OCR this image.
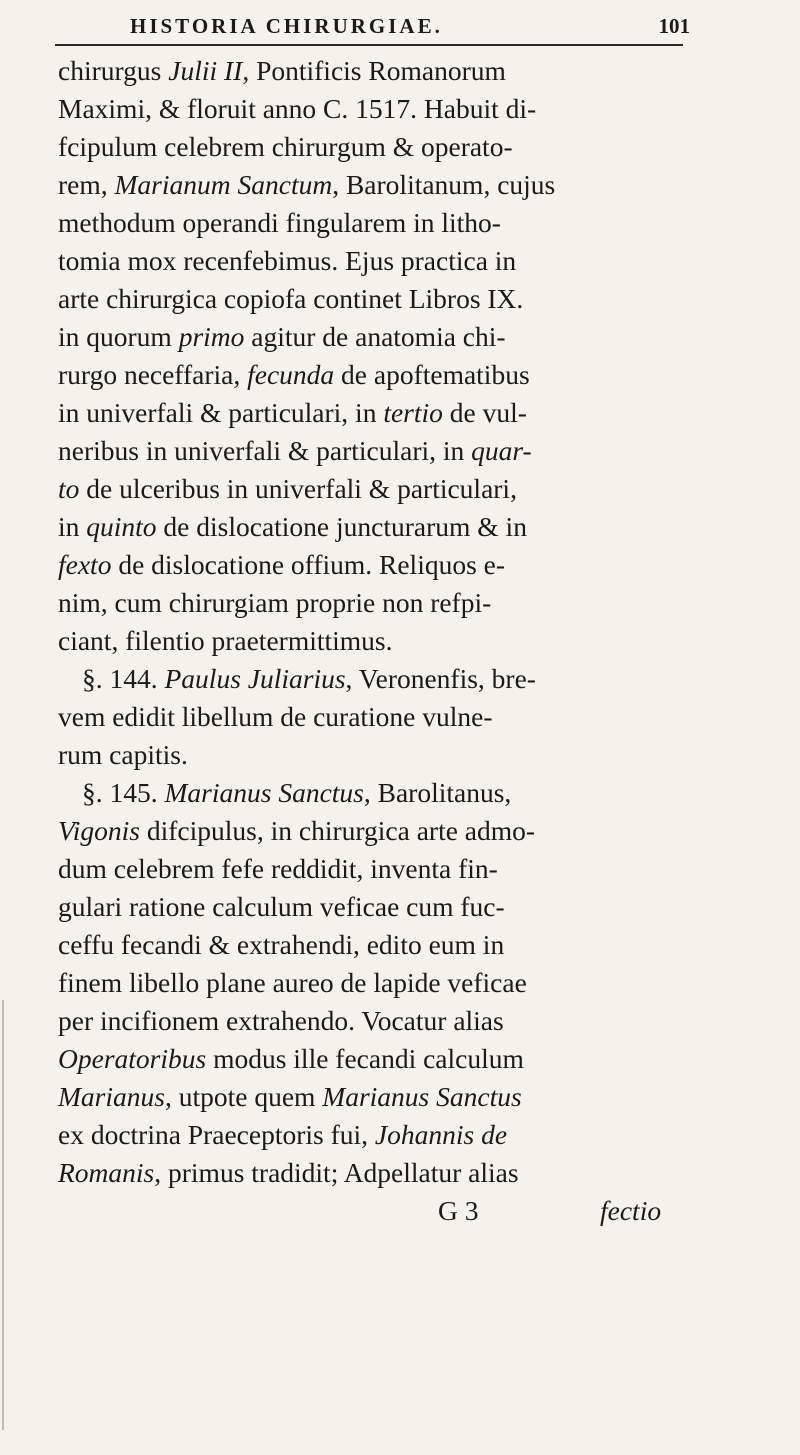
HISTORIA CHIRURGIAE.	101
chirurgus Julii II, Pontificis Romanorum
Maximi, & floruit anno C. 1517. Habuit di-
fcipulum celebrem chirurgum & operato-
rem, Marianum Sanctum, Barolitanum, cujus
methodum operandi fingularem in litho-
tomia mox recenfebimus. Ejus practica in
arte chirurgica copiofa continet Libros IX.
in quorum primo agitur de anatomia chi-
rurgo neceffaria, fecunda de apoftematibus
in univerfali & particulari, in tertio de vul-
neribus in univerfali & particulari, in quar-
to de ulceribus in univerfali & particulari,
in quinto de dislocatione juncturarum & in
fexto de dislocatione offium. Reliquos e-
nim, cum chirurgiam proprie non refpi-
ciant, filentio praetermittimus.
§. 144. Paulus Juliarius, Veronenfis, bre-
vem edidit libellum de curatione vulne-
rum capitis.
§. 145. Marianus Sanctus, Barolitanus,
Vigonis difcipulus, in chirurgica arte admo-
dum celebrem fefe reddidit, inventa fin-
gulari ratione calculum veficae cum fuc-
ceffu fecandi & extrahendi, edito eum in
finem libello plane aureo de lapide veficae
per incifionem extrahendo. Vocatur alias
Operatoribus modus ille fecandi calculum
Marianus, utpote quem Marianus Sanctus
ex doctrina Praeceptoris fui, Johannis de
Romanis, primus tradidit; Adpellatur alias
G 3	fectio
